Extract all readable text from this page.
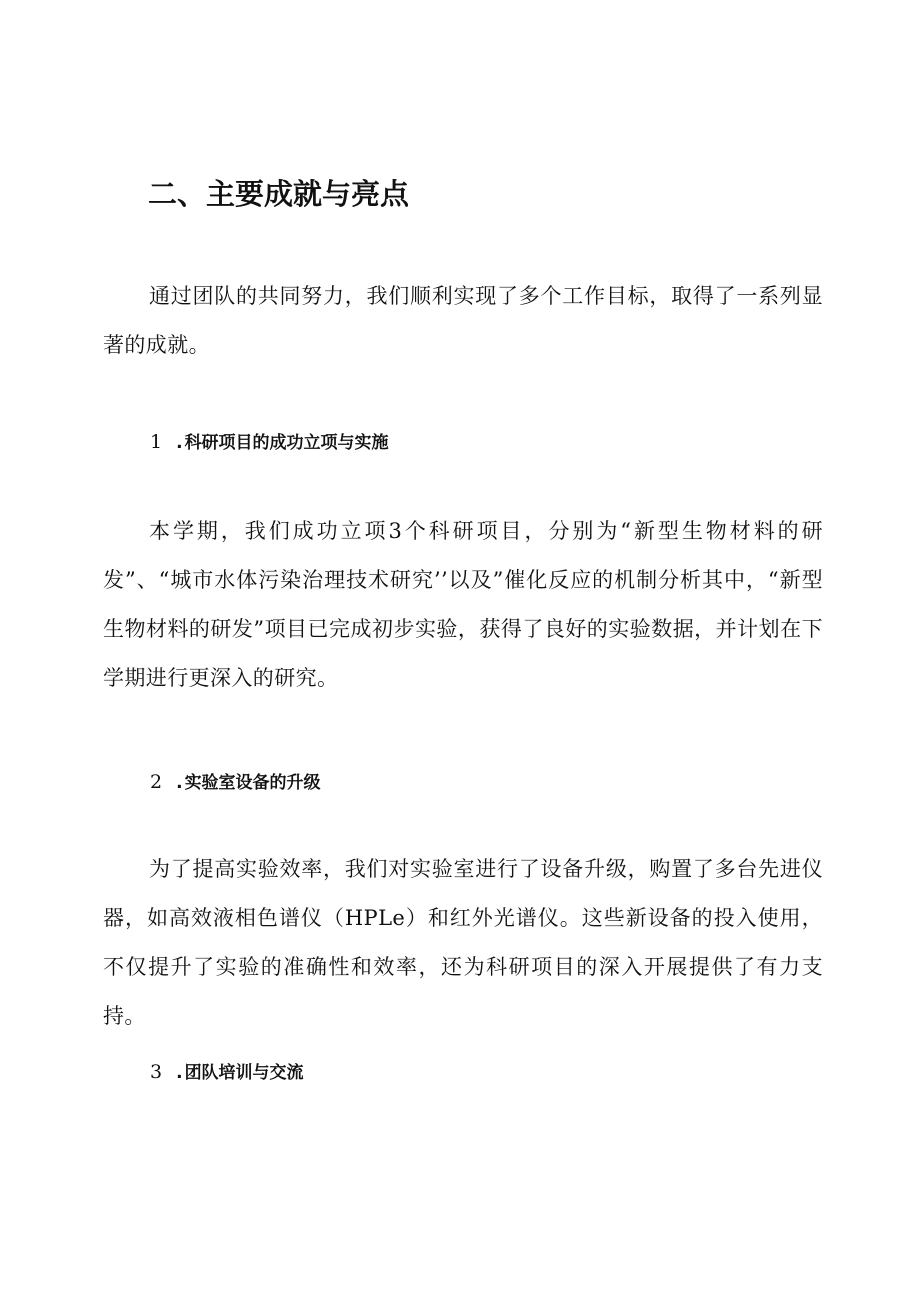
二、主要成就与亮点
通过团队的共同努力，我们顺利实现了多个工作目标，取得了一系列显著的成就。
1 . 科研项目的成功立项与实施
本学期，我们成功立项3个科研项目，分别为“新型生物材料的研发”、“城市水体污染治理技术研究’’以及”催化反应的机制分析其中，“新型生物材料的研发”项目已完成初步实验，获得了良好的实验数据，并计划在下学期进行更深入的研究。
2 . 实验室设备的升级
为了提高实验效率，我们对实验室进行了设备升级，购置了多台先进仪器，如高效液相色谱仪（HPLe）和红外光谱仪。这些新设备的投入使用，不仅提升了实验的准确性和效率，还为科研项目的深入开展提供了有力支持。
3 . 团队培训与交流
